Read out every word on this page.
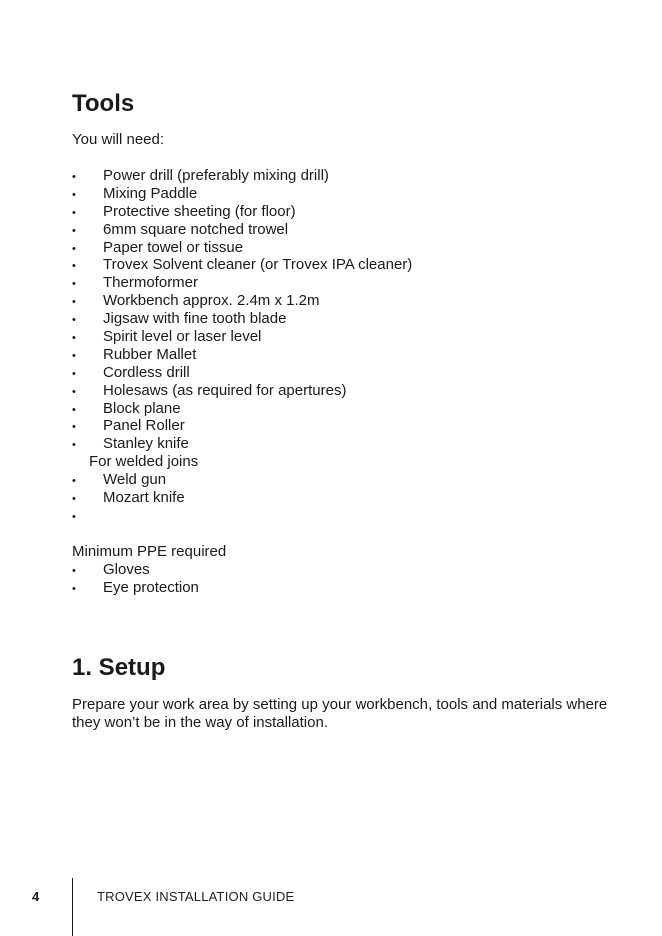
Tools

You will need:

•	Power drill (preferably mixing drill)
•	Mixing Paddle
•	Protective sheeting (for floor)
•	6mm square notched trowel
•	Paper towel or tissue
•	Trovex Solvent cleaner (or Trovex IPA cleaner)
•	Thermoformer
•	Workbench approx. 2.4m x 1.2m
•	Jigsaw with fine tooth blade
•	Spirit level or laser level
•	Rubber Mallet
•	Cordless drill
•	Holesaws (as required for apertures)
•	Block plane
•	Panel Roller
•	Stanley knife
For welded joins
•	Weld gun
•	Mozart knife
•

Minimum PPE required

•	Gloves
•	Eye protection
1. Setup

Prepare your work area by setting up your workbench, tools and materials where they won’t be in the way of installation.

4	TROVEX INSTALLATION GUIDE
